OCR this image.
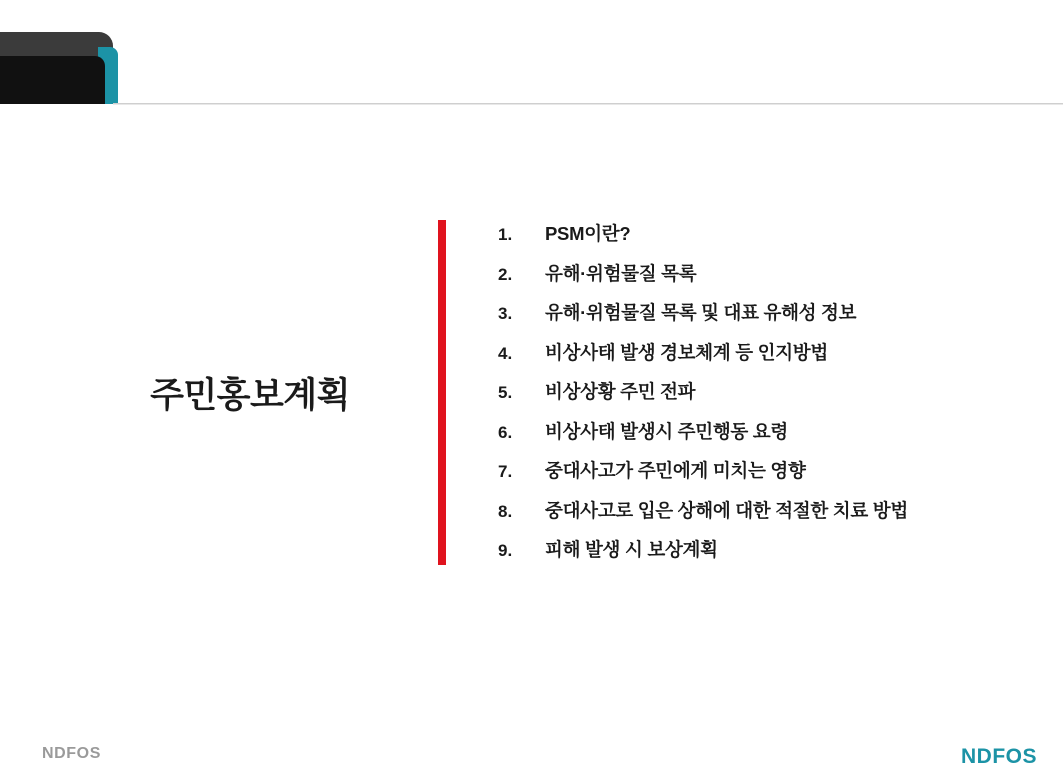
주민홍보계획
1.	PSM이란?
2.	유해·위험물질 목록
3.	유해·위험물질 목록 및 대표 유해성 정보
4.	비상사태 발생 경보체계 등 인지방법
5.	비상상황 주민 전파
6.	비상사태 발생시 주민행동 요령
7.	중대사고가 주민에게 미치는 영향
8.	중대사고로 입은 상해에 대한 적절한 치료 방법
9.	피해 발생 시 보상계획
NDFOS	NDFOS
